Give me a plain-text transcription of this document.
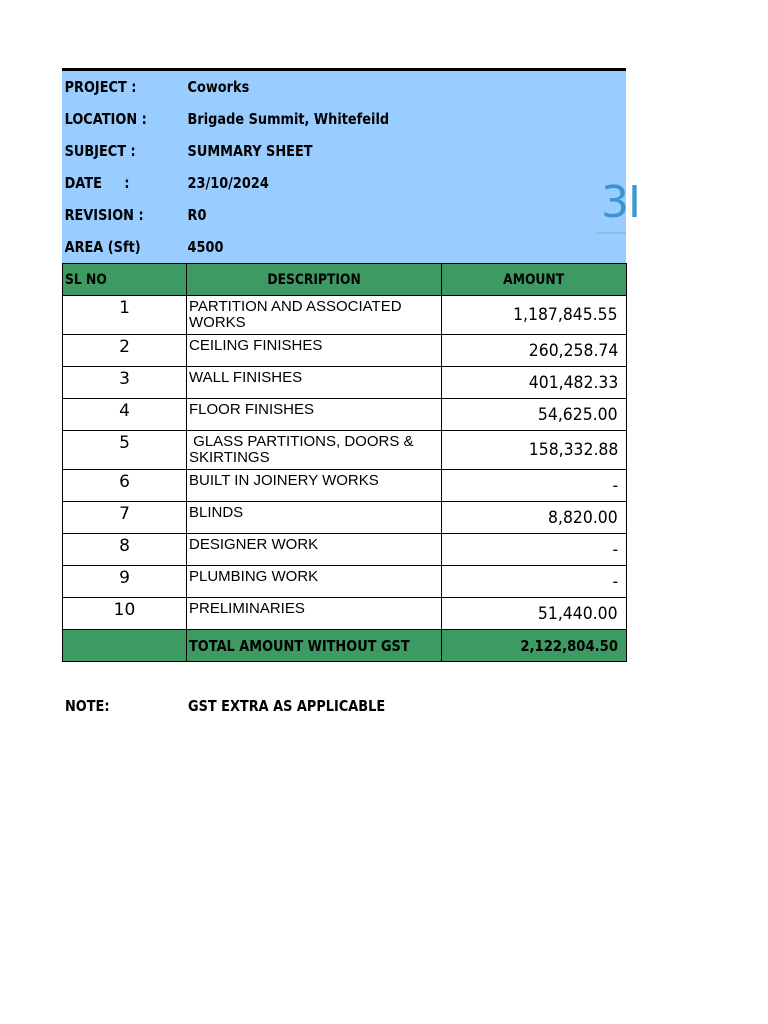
PROJECT :	Coworks
LOCATION :	Brigade Summit, Whitefeild
SUBJECT :	SUMMARY SHEET
DATE     :	23/10/2024
REVISION :	R0
AREA (Sft)	4500
3I
SL NO	DESCRIPTION	AMOUNT
1	PARTITION AND ASSOCIATED WORKS	1,187,845.55
2	CEILING FINISHES	260,258.74
3	WALL FINISHES	401,482.33
4	FLOOR FINISHES	54,625.00
5	GLASS PARTITIONS, DOORS & SKIRTINGS	158,332.88
6	BUILT IN JOINERY WORKS	-
7	BLINDS	8,820.00
8	DESIGNER WORK	-
9	PLUMBING WORK	-
10	PRELIMINARIES	51,440.00
	TOTAL AMOUNT WITHOUT GST	2,122,804.50
NOTE:	GST EXTRA AS APPLICABLE
